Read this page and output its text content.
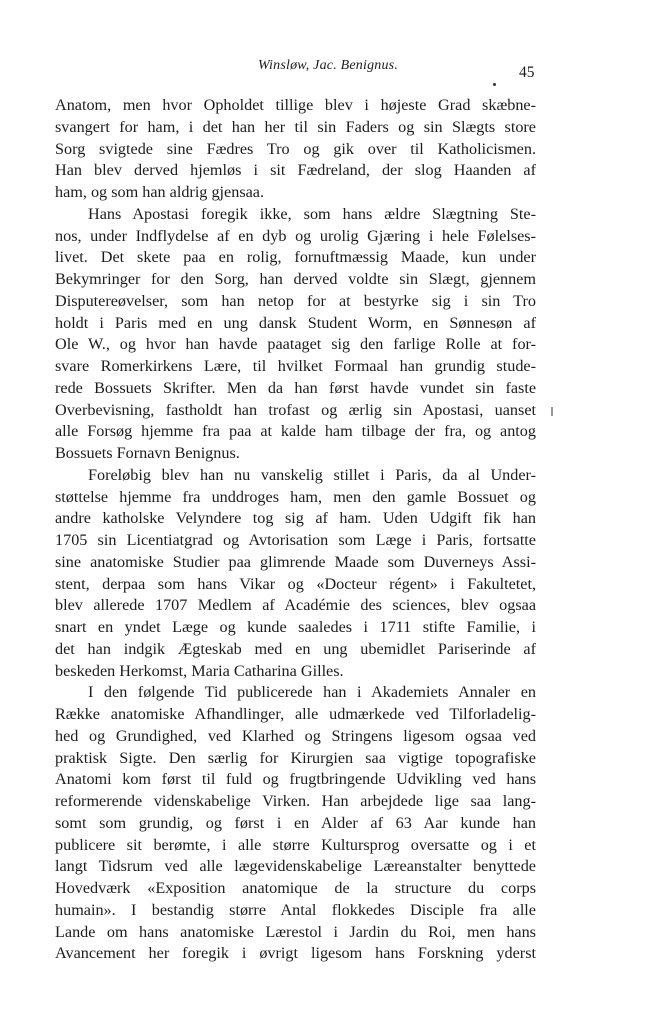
Winsløw, Jac. Benignus.	45
Anatom, men hvor Opholdet tillige blev i højeste Grad skæbne-
svangert for ham, i det han her til sin Faders og sin Slægts store
Sorg svigtede sine Fædres Tro og gik over til Katholicismen.
Han blev derved hjemløs i sit Fædreland, der slog Haanden af
ham, og som han aldrig gjensaa.
Hans Apostasi foregik ikke, som hans ældre Slægtning Ste-
nos, under Indflydelse af en dyb og urolig Gjæring i hele Følelses-
livet. Det skete paa en rolig, fornuftmæssig Maade, kun under
Bekymringer for den Sorg, han derved voldte sin Slægt, gjennem
Disputereøvelser, som han netop for at bestyrke sig i sin Tro
holdt i Paris med en ung dansk Student Worm, en Sønnesøn af
Ole W., og hvor han havde paataget sig den farlige Rolle at for-
svare Romerkirkens Lære, til hvilket Formaal han grundig stude-
rede Bossuets Skrifter. Men da han først havde vundet sin faste
Overbevisning, fastholdt han trofast og ærlig sin Apostasi, uanset
alle Forsøg hjemme fra paa at kalde ham tilbage der fra, og antog
Bossuets Fornavn Benignus.
Foreløbig blev han nu vanskelig stillet i Paris, da al Under-
støttelse hjemme fra unddroges ham, men den gamle Bossuet og
andre katholske Velyndere tog sig af ham. Uden Udgift fik han
1705 sin Licentiatgrad og Avtorisation som Læge i Paris, fortsatte
sine anatomiske Studier paa glimrende Maade som Duverneys Assi-
stent, derpaa som hans Vikar og «Docteur régent» i Fakultetet,
blev allerede 1707 Medlem af Académie des sciences, blev ogsaa
snart en yndet Læge og kunde saaledes i 1711 stifte Familie, i
det han indgik Ægteskab med en ung ubemidlet Pariserinde af
beskeden Herkomst, Maria Catharina Gilles.
I den følgende Tid publicerede han i Akademiets Annaler en
Række anatomiske Afhandlinger, alle udmærkede ved Tilforladelig-
hed og Grundighed, ved Klarhed og Stringens ligesom ogsaa ved
praktisk Sigte. Den særlig for Kirurgien saa vigtige topografiske
Anatomi kom først til fuld og frugtbringende Udvikling ved hans
reformerende videnskabelige Virken. Han arbejdede lige saa lang-
somt som grundig, og først i en Alder af 63 Aar kunde han
publicere sit berømte, i alle større Kultursprog oversatte og i et
langt Tidsrum ved alle lægevidenskabelige Læreanstalter benyttede
Hovedværk «Exposition anatomique de la structure du corps
humain». I bestandig større Antal flokkedes Disciple fra alle
Lande om hans anatomiske Lærestol i Jardin du Roi, men hans
Avancement her foregik i øvrigt ligesom hans Forskning yderst
